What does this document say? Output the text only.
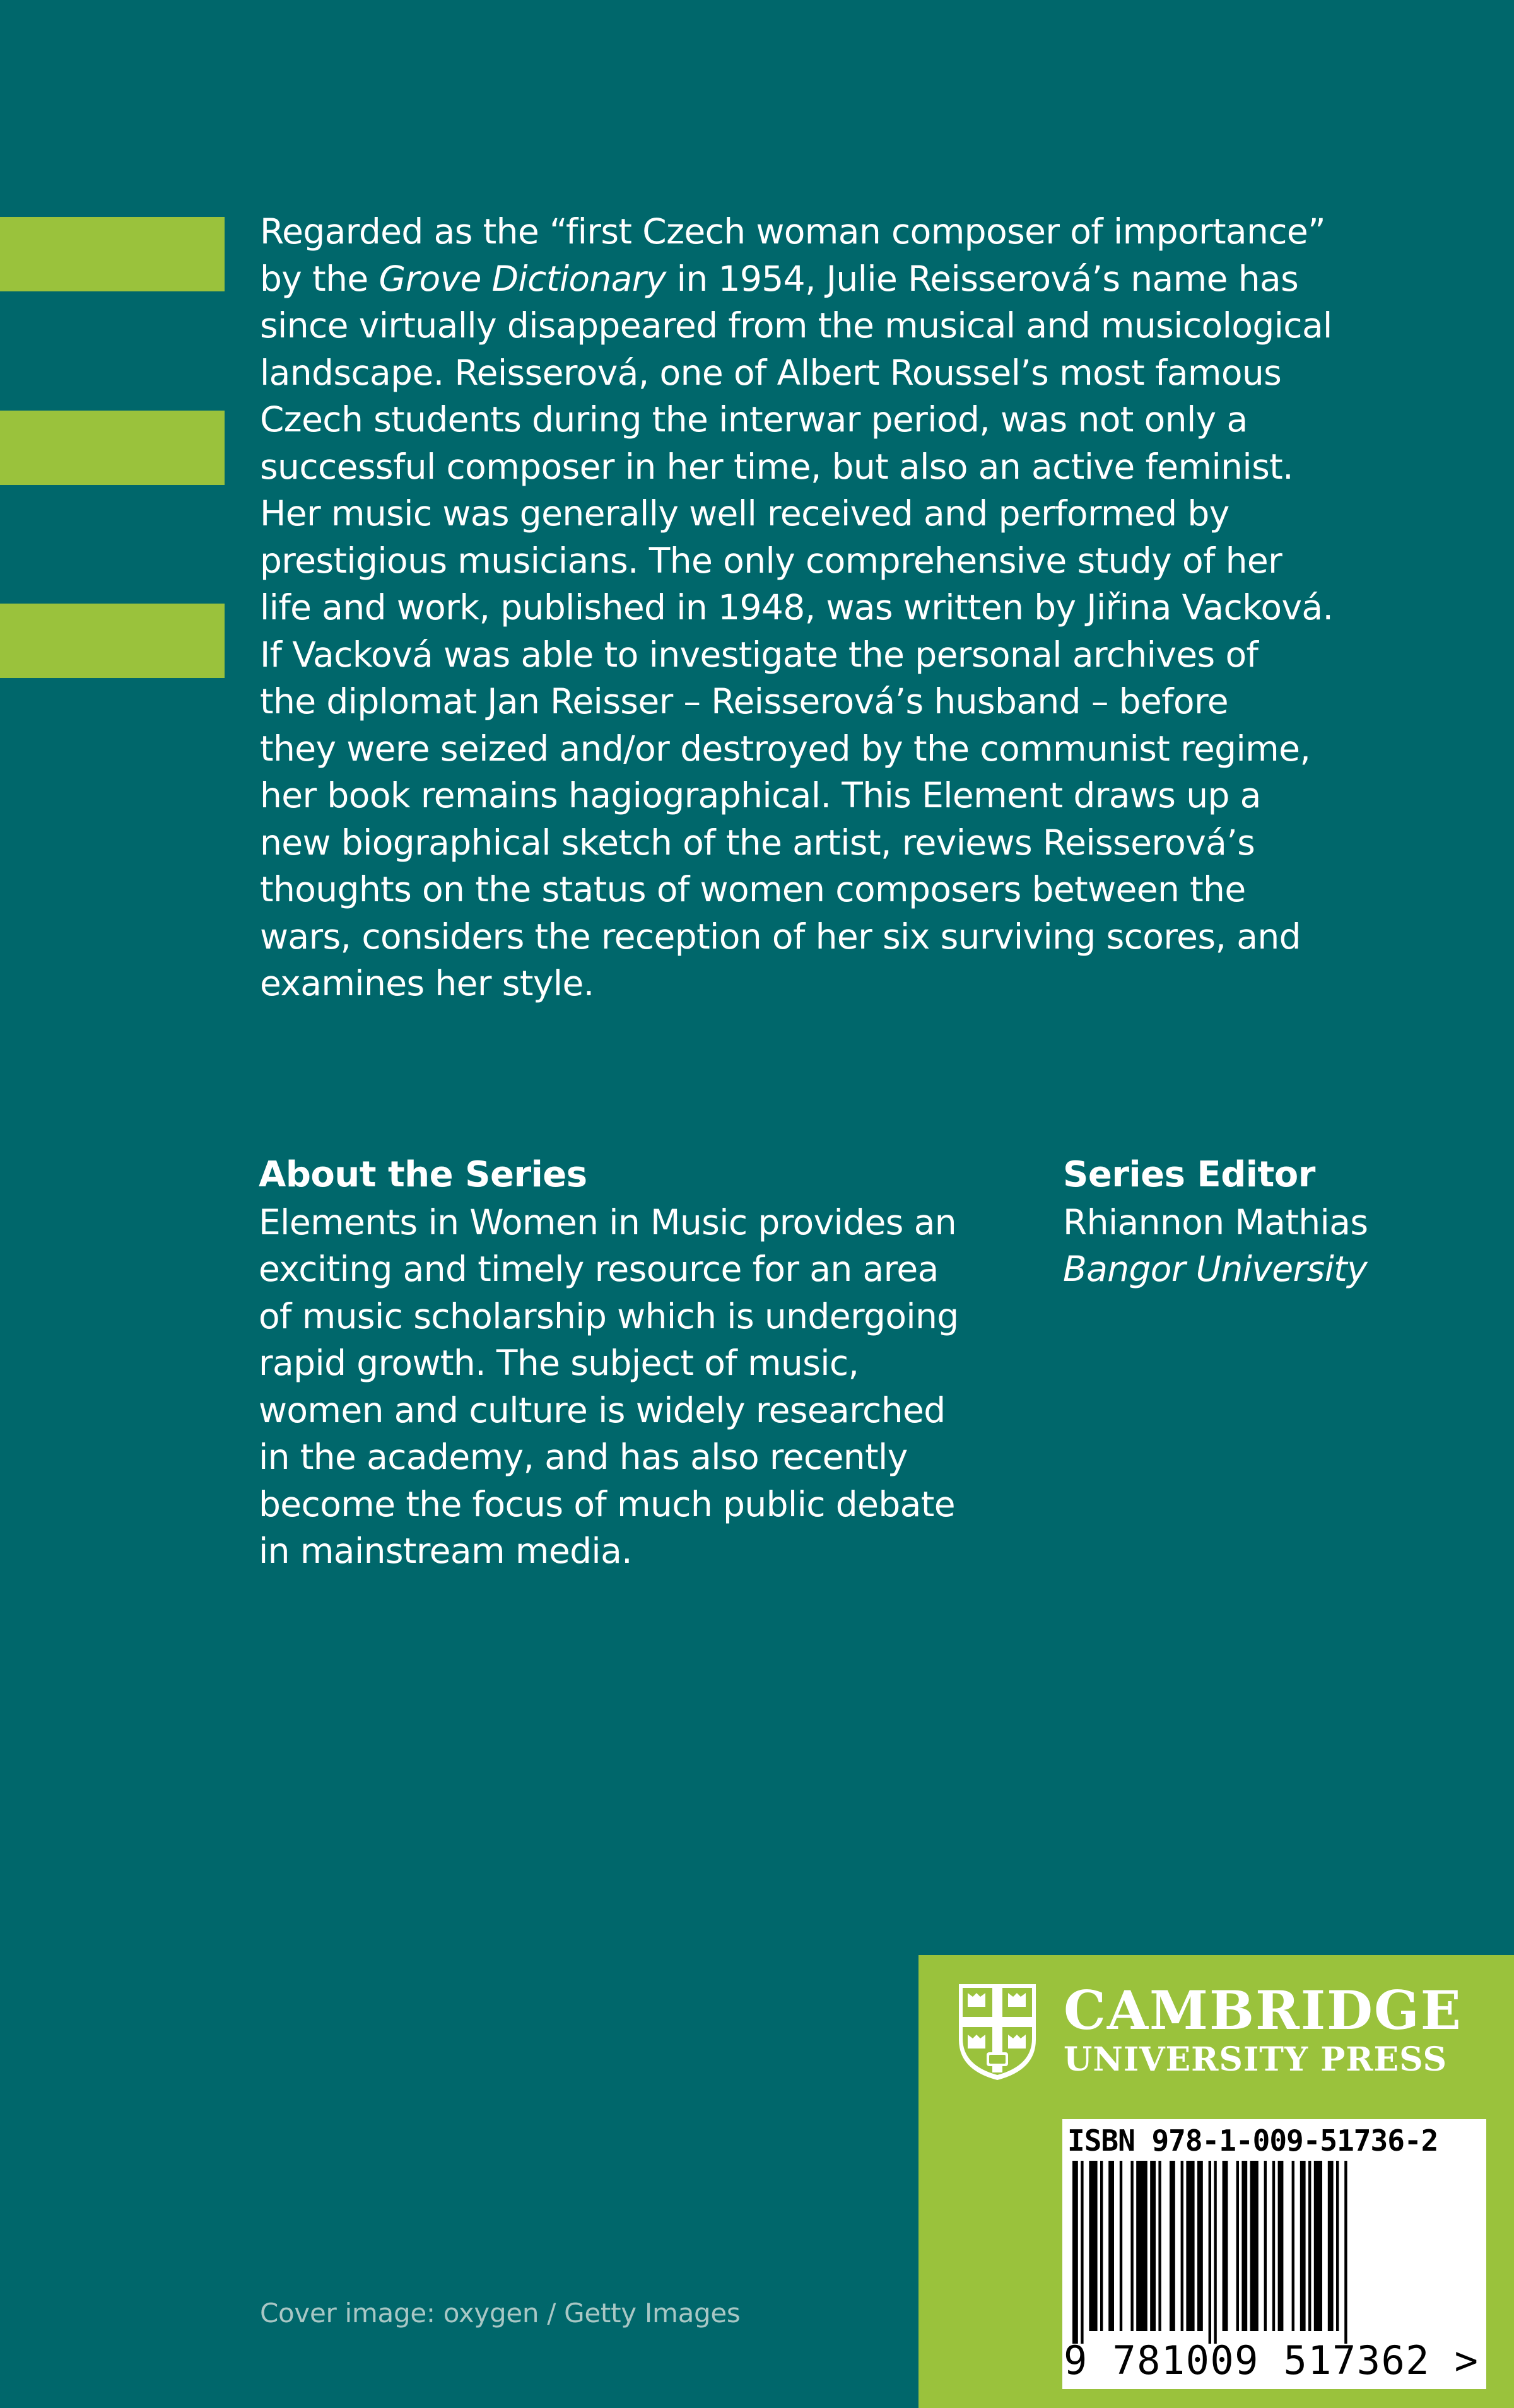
Regarded as the “first Czech woman composer of importance”
by the Grove Dictionary in 1954, Julie Reisserová’s name has
since virtually disappeared from the musical and musicological
landscape. Reisserová, one of Albert Roussel’s most famous
Czech students during the interwar period, was not only a
successful composer in her time, but also an active feminist.
Her music was generally well received and performed by
prestigious musicians. The only comprehensive study of her
life and work, published in 1948, was written by Jiřina Vacková.
If Vacková was able to investigate the personal archives of
the diplomat Jan Reisser – Reisserová’s husband – before
they were seized and/or destroyed by the communist regime,
her book remains hagiographical. This Element draws up a
new biographical sketch of the artist, reviews Reisserová’s
thoughts on the status of women composers between the
wars, considers the reception of her six surviving scores, and
examines her style.
About the Series
Elements in Women in Music provides an
exciting and timely resource for an area
of music scholarship which is undergoing
rapid growth. The subject of music,
women and culture is widely researched
in the academy, and has also recently
become the focus of much public debate
in mainstream media.
Series Editor
Rhiannon Mathias
Bangor University
Cover image: oxygen / Getty Images
CAMBRIDGE
UNIVERSITY PRESS
ISBN 978-1-009-51736-2
9 781009 517362 >
